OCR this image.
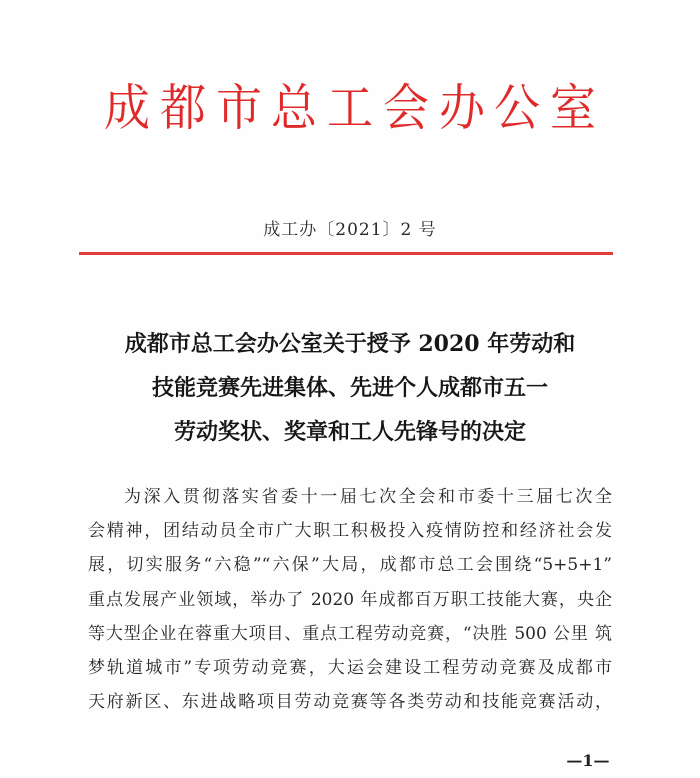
成 都 市 总 工 会 办 公 室
成工办〔2021〕2 号
成都市总工会办公室关于授予 2020 年劳动和
技能竞赛先进集体、先进个人成都市五一
劳动奖状、奖章和工人先锋号的决定
为深入贯彻落实省委十一届七次全会和市委十三届七次全
会精神，团结动员全市广大职工积极投入疫情防控和经济社会发
展，切实服务“六稳”“六保”大局，成都市总工会围绕“5+5+1”
重点发展产业领域，举办了 2020 年成都百万职工技能大赛，央企
等大型企业在蓉重大项目、重点工程劳动竞赛，“决胜 500 公里 筑
梦轨道城市”专项劳动竞赛，大运会建设工程劳动竞赛及成都市
天府新区、东进战略项目劳动竞赛等各类劳动和技能竞赛活动，
—1—
